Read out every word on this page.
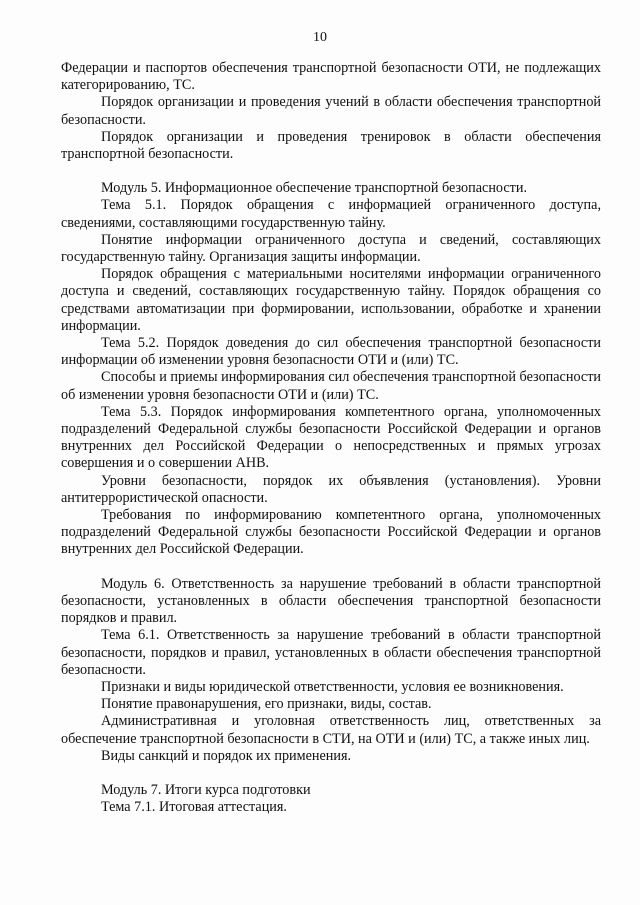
10

Федерации и паспортов обеспечения транспортной безопасности ОТИ, не подлежащих категорированию, ТС.

Порядок организации и проведения учений в области обеспечения транспортной безопасности.

Порядок организации и проведения тренировок в области обеспечения транспортной безопасности.

Модуль 5. Информационное обеспечение транспортной безопасности.

Тема 5.1. Порядок обращения с информацией ограниченного доступа, сведениями, составляющими государственную тайну.

Понятие информации ограниченного доступа и сведений, составляющих государственную тайну. Организация защиты информации.

Порядок обращения с материальными носителями информации ограниченного доступа и сведений, составляющих государственную тайну. Порядок обращения со средствами автоматизации при формировании, использовании, обработке и хранении информации.

Тема 5.2. Порядок доведения до сил обеспечения транспортной безопасности информации об изменении уровня безопасности ОТИ и (или) ТС.

Способы и приемы информирования сил обеспечения транспортной безопасности об изменении уровня безопасности ОТИ и (или) ТС.

Тема 5.3. Порядок информирования компетентного органа, уполномоченных подразделений Федеральной службы безопасности Российской Федерации и органов внутренних дел Российской Федерации о непосредственных и прямых угрозах совершения и о совершении АНВ.

Уровни безопасности, порядок их объявления (установления). Уровни антитеррористической опасности.

Требования по информированию компетентного органа, уполномоченных подразделений Федеральной службы безопасности Российской Федерации и органов внутренних дел Российской Федерации.

Модуль 6. Ответственность за нарушение требований в области транспортной безопасности, установленных в области обеспечения транспортной безопасности порядков и правил.

Тема 6.1. Ответственность за нарушение требований в области транспортной безопасности, порядков и правил, установленных в области обеспечения транспортной безопасности.

Признаки и виды юридической ответственности, условия ее возникновения.

Понятие правонарушения, его признаки, виды, состав.

Административная и уголовная ответственность лиц, ответственных за обеспечение транспортной безопасности в СТИ, на ОТИ и (или) ТС, а также иных лиц.

Виды санкций и порядок их применения.

Модуль 7. Итоги курса подготовки

Тема 7.1. Итоговая аттестация.
